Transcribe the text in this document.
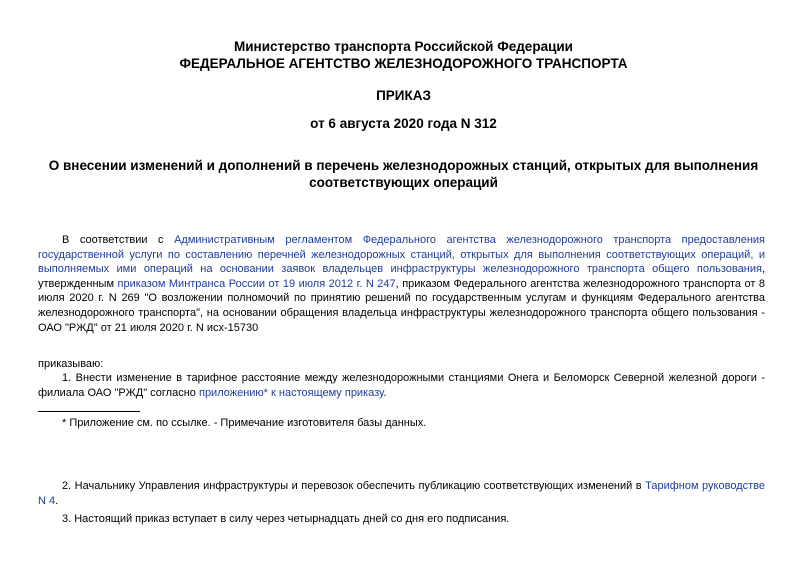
Министерство транспорта Российской Федерации
ФЕДЕРАЛЬНОЕ АГЕНТСТВО ЖЕЛЕЗНОДОРОЖНОГО ТРАНСПОРТА
ПРИКАЗ
от 6 августа 2020 года N 312
О внесении изменений и дополнений в перечень железнодорожных станций, открытых для выполнения соответствующих операций
В соответствии с Административным регламентом Федерального агентства железнодорожного транспорта предоставления государственной услуги по составлению перечней железнодорожных станций, открытых для выполнения соответствующих операций, и выполняемых ими операций на основании заявок владельцев инфраструктуры железнодорожного транспорта общего пользования, утвержденным приказом Минтранса России от 19 июля 2012 г. N 247, приказом Федерального агентства железнодорожного транспорта от 8 июля 2020 г. N 269 "О возложении полномочий по принятию решений по государственным услугам и функциям Федерального агентства железнодорожного транспорта", на основании обращения владельца инфраструктуры железнодорожного транспорта общего пользования - ОАО "РЖД" от 21 июля 2020 г. N исх-15730
приказываю:
1. Внести изменение в тарифное расстояние между железнодорожными станциями Онега и Беломорск Северной железной дороги - филиала ОАО "РЖД" согласно приложению* к настоящему приказу.
* Приложение см. по ссылке. - Примечание изготовителя базы данных.
2. Начальнику Управления инфраструктуры и перевозок обеспечить публикацию соответствующих изменений в Тарифном руководстве N 4.
3. Настоящий приказ вступает в силу через четырнадцать дней со дня его подписания.
